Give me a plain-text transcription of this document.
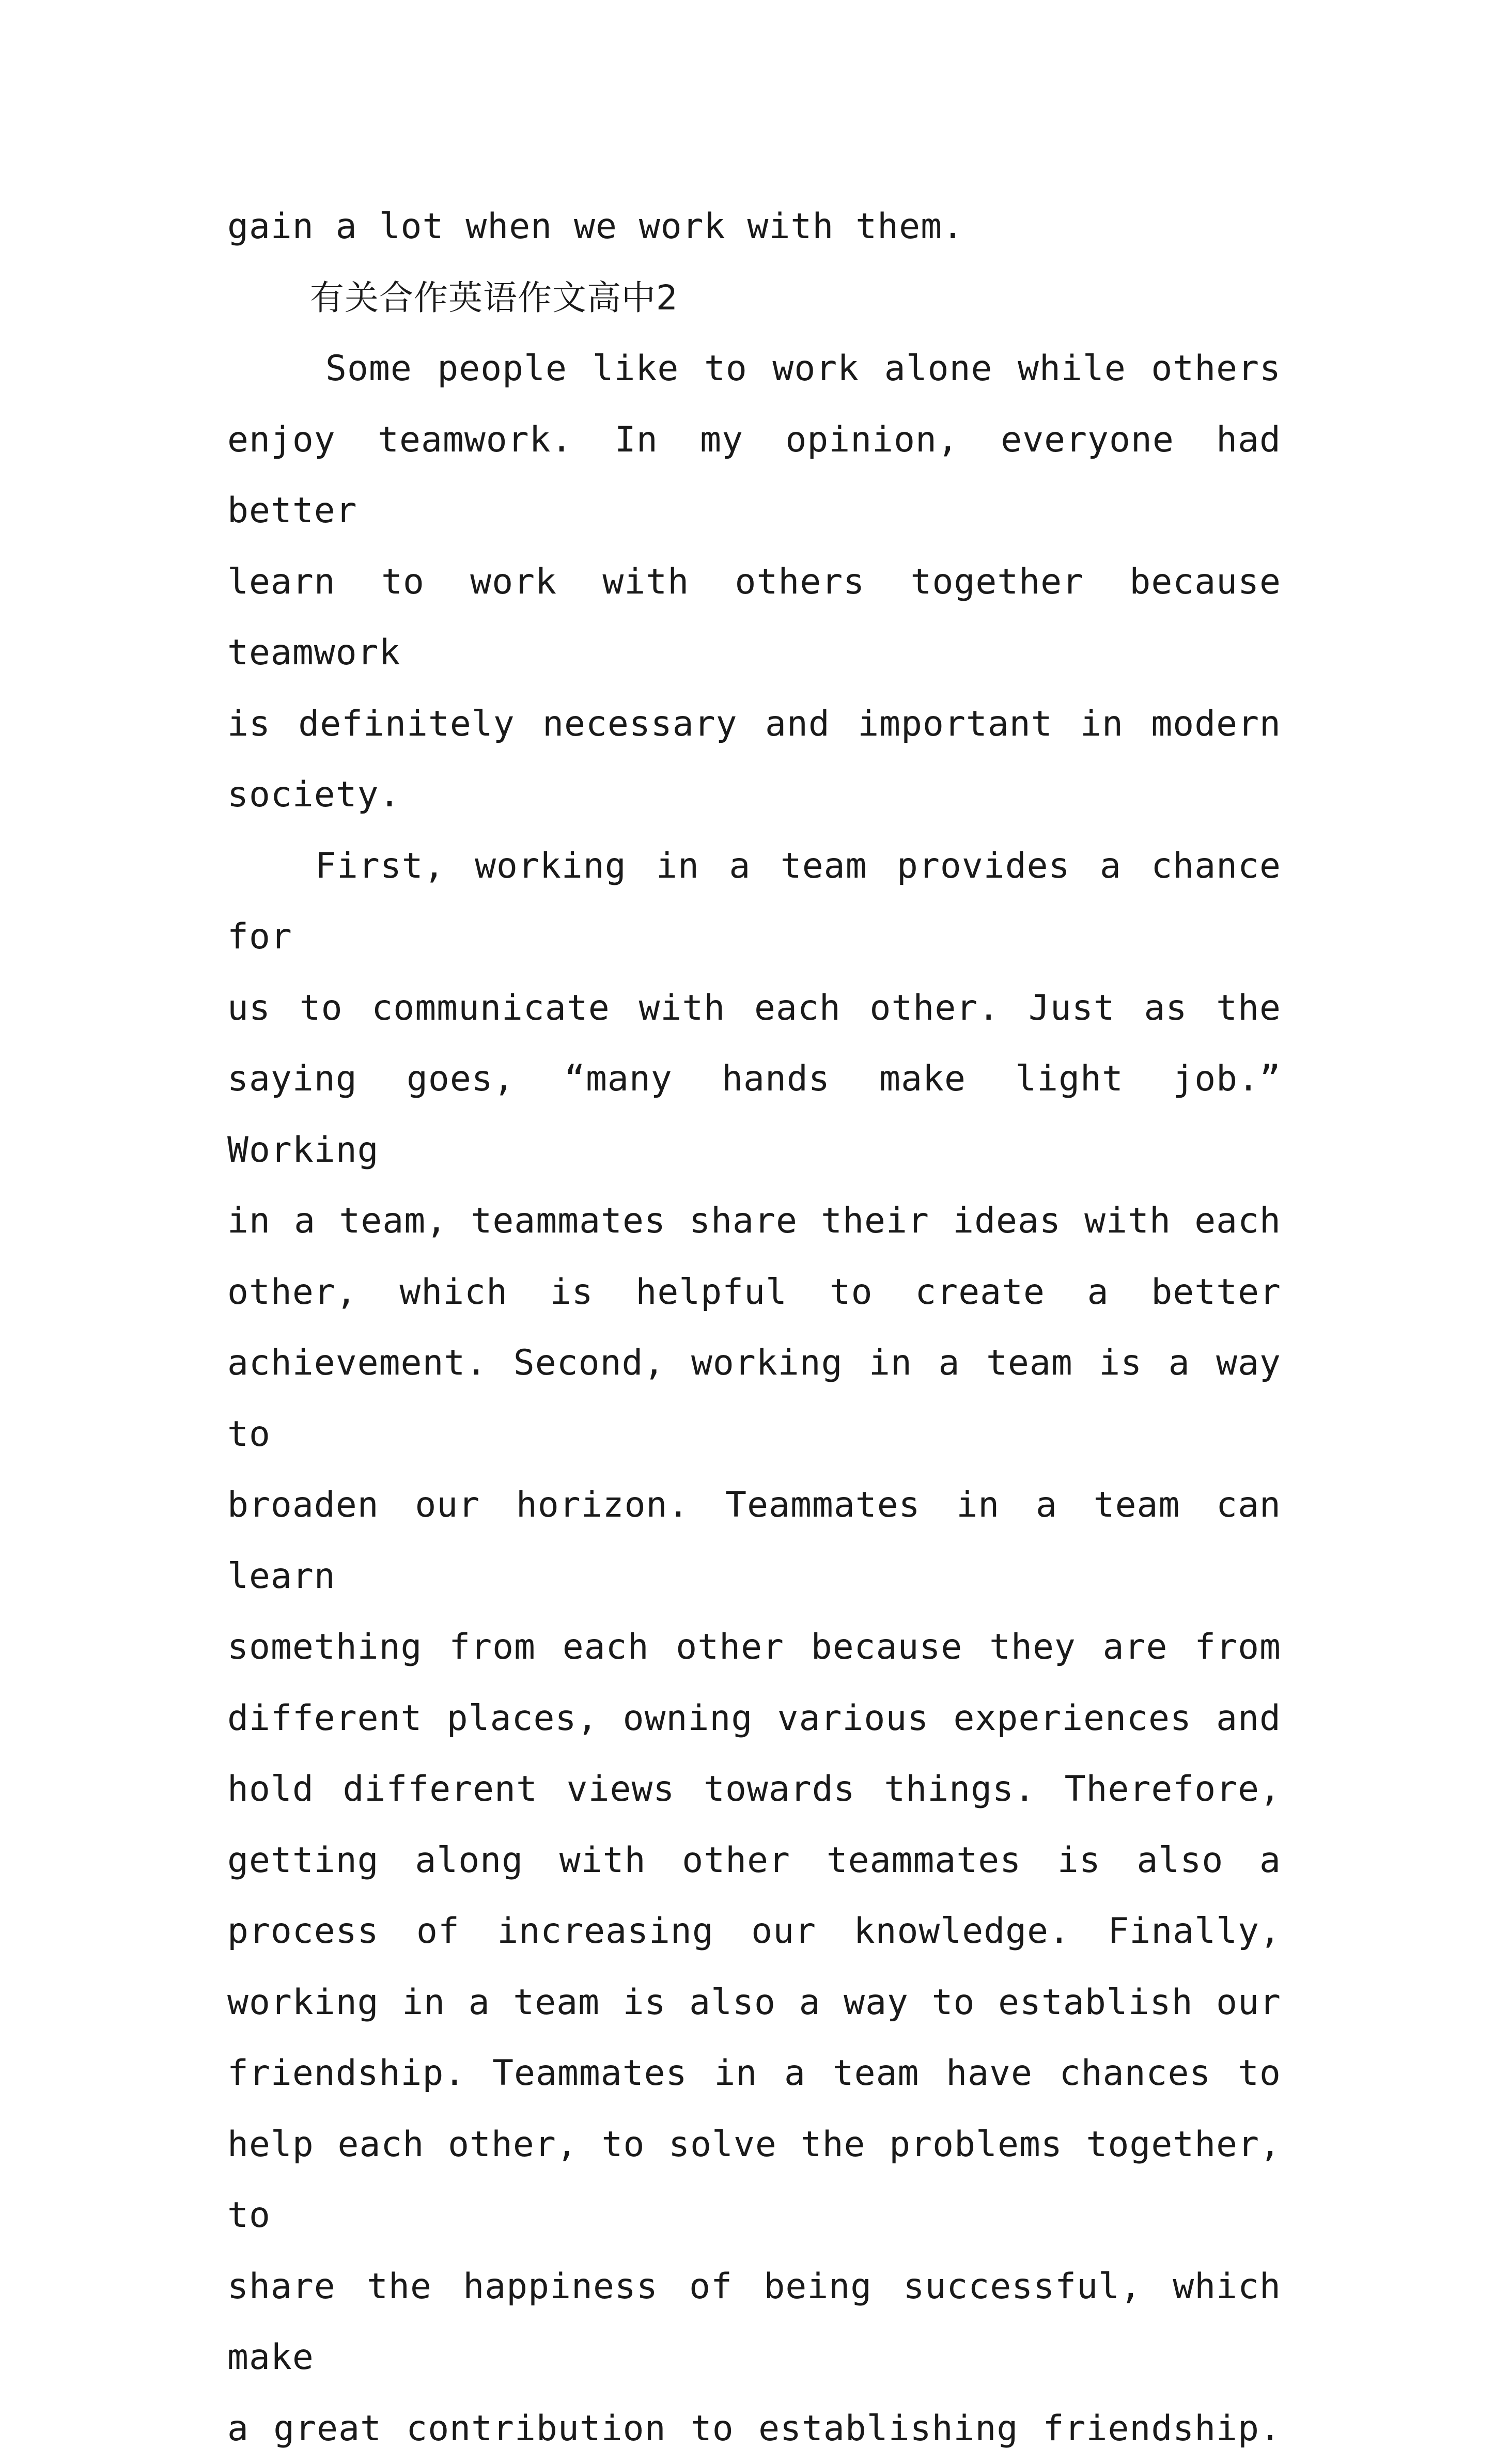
gain a lot when we work with them.
有关合作英语作文高中2
Some people like to work alone while others
enjoy teamwork. In my opinion, everyone had better
learn to work with others together because teamwork
is definitely necessary and important in modern
society.
First, working in a team provides a chance for
us to communicate with each other. Just as the
saying goes, “many hands make light job.” Working
in a team, teammates share their ideas with each
other, which is helpful to create a better
achievement. Second, working in a team is a way to
broaden our horizon. Teammates in a team can learn
something from each other because they are from
different places, owning various experiences and
hold different views towards things. Therefore,
getting along with other teammates is also a
process of increasing our knowledge. Finally,
working in a team is also a way to establish our
friendship. Teammates in a team have chances to
help each other, to solve the problems together, to
share the happiness of being successful, which make
a great contribution to establishing friendship.
